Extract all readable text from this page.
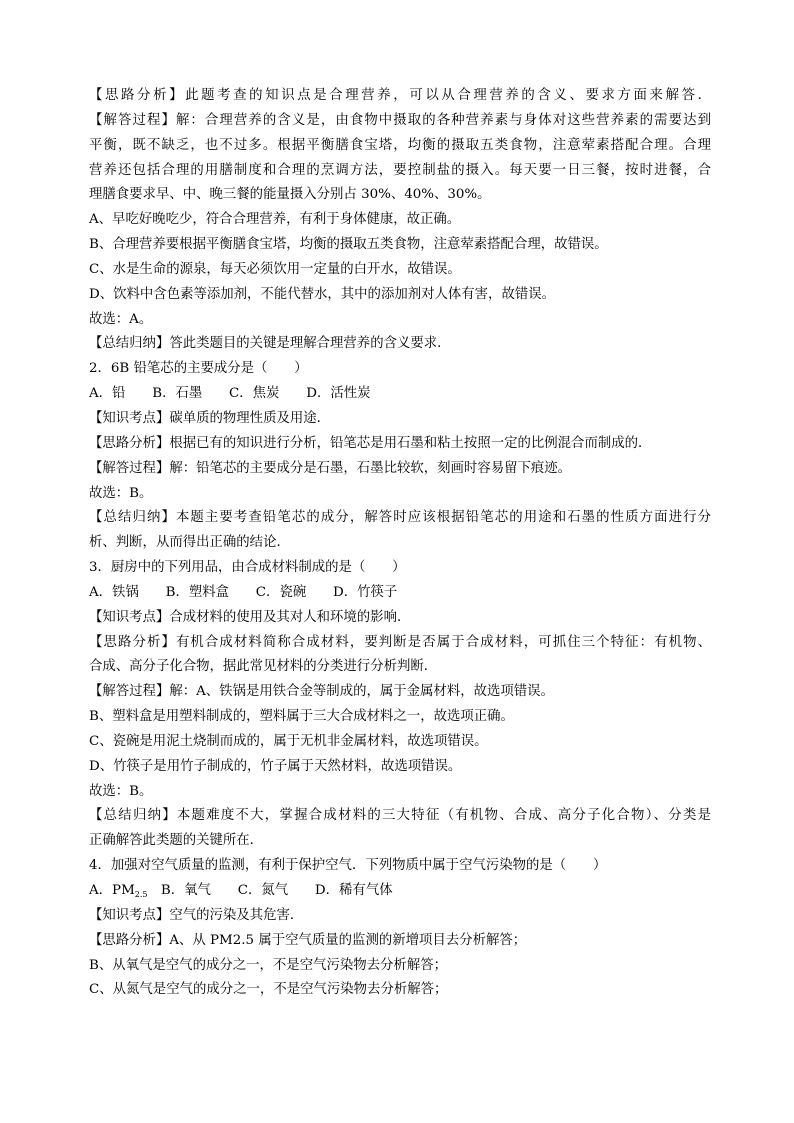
【思路分析】此题考查的知识点是合理营养，可以从合理营养的含义、要求方面来解答．
【解答过程】解：合理营养的含义是，由食物中摄取的各种营养素与身体对这些营养素的需要达到
平衡，既不缺乏，也不过多。根据平衡膳食宝塔，均衡的摄取五类食物，注意荤素搭配合理。合理
营养还包括合理的用膳制度和合理的烹调方法，要控制盐的摄入。每天要一日三餐，按时进餐，合
理膳食要求早、中、晚三餐的能量摄入分别占 30%、40%、30%。
A、早吃好晚吃少，符合合理营养，有利于身体健康，故正确。
B、合理营养要根据平衡膳食宝塔，均衡的摄取五类食物，注意荤素搭配合理，故错误。
C、水是生命的源泉，每天必须饮用一定量的白开水，故错误。
D、饮料中含色素等添加剂，不能代替水，其中的添加剂对人体有害，故错误。
故选：A。
【总结归纳】答此类题目的关键是理解合理营养的含义要求．
2．6B 铅笔芯的主要成分是（　　）
A．铅　　B．石墨　　C．焦炭　　D．活性炭
【知识考点】碳单质的物理性质及用途．
【思路分析】根据已有的知识进行分析，铅笔芯是用石墨和粘土按照一定的比例混合而制成的．
【解答过程】解：铅笔芯的主要成分是石墨，石墨比较软，刻画时容易留下痕迹。
故选：B。
【总结归纳】本题主要考查铅笔芯的成分，解答时应该根据铅笔芯的用途和石墨的性质方面进行分
析、判断，从而得出正确的结论．
3．厨房中的下列用品，由合成材料制成的是（　　）
A．铁锅　　B．塑料盒　　C．瓷碗　　D．竹筷子
【知识考点】合成材料的使用及其对人和环境的影响．
【思路分析】有机合成材料简称合成材料，要判断是否属于合成材料，可抓住三个特征：有机物、
合成、高分子化合物，据此常见材料的分类进行分析判断．
【解答过程】解：A、铁锅是用铁合金等制成的，属于金属材料，故选项错误。
B、塑料盒是用塑料制成的，塑料属于三大合成材料之一，故选项正确。
C、瓷碗是用泥土烧制而成的，属于无机非金属材料，故选项错误。
D、竹筷子是用竹子制成的，竹子属于天然材料，故选项错误。
故选：B。
【总结归纳】本题难度不大，掌握合成材料的三大特征（有机物、合成、高分子化合物）、分类是
正确解答此类题的关键所在．
4．加强对空气质量的监测，有利于保护空气．下列物质中属于空气污染物的是（　　）
A．$PM_{2.5}$　B．氧气　　C．氮气　　D．稀有气体
【知识考点】空气的污染及其危害．
【思路分析】A、从 PM2.5 属于空气质量的监测的新增项目去分析解答；
B、从氧气是空气的成分之一，不是空气污染物去分析解答；
C、从氮气是空气的成分之一，不是空气污染物去分析解答；
